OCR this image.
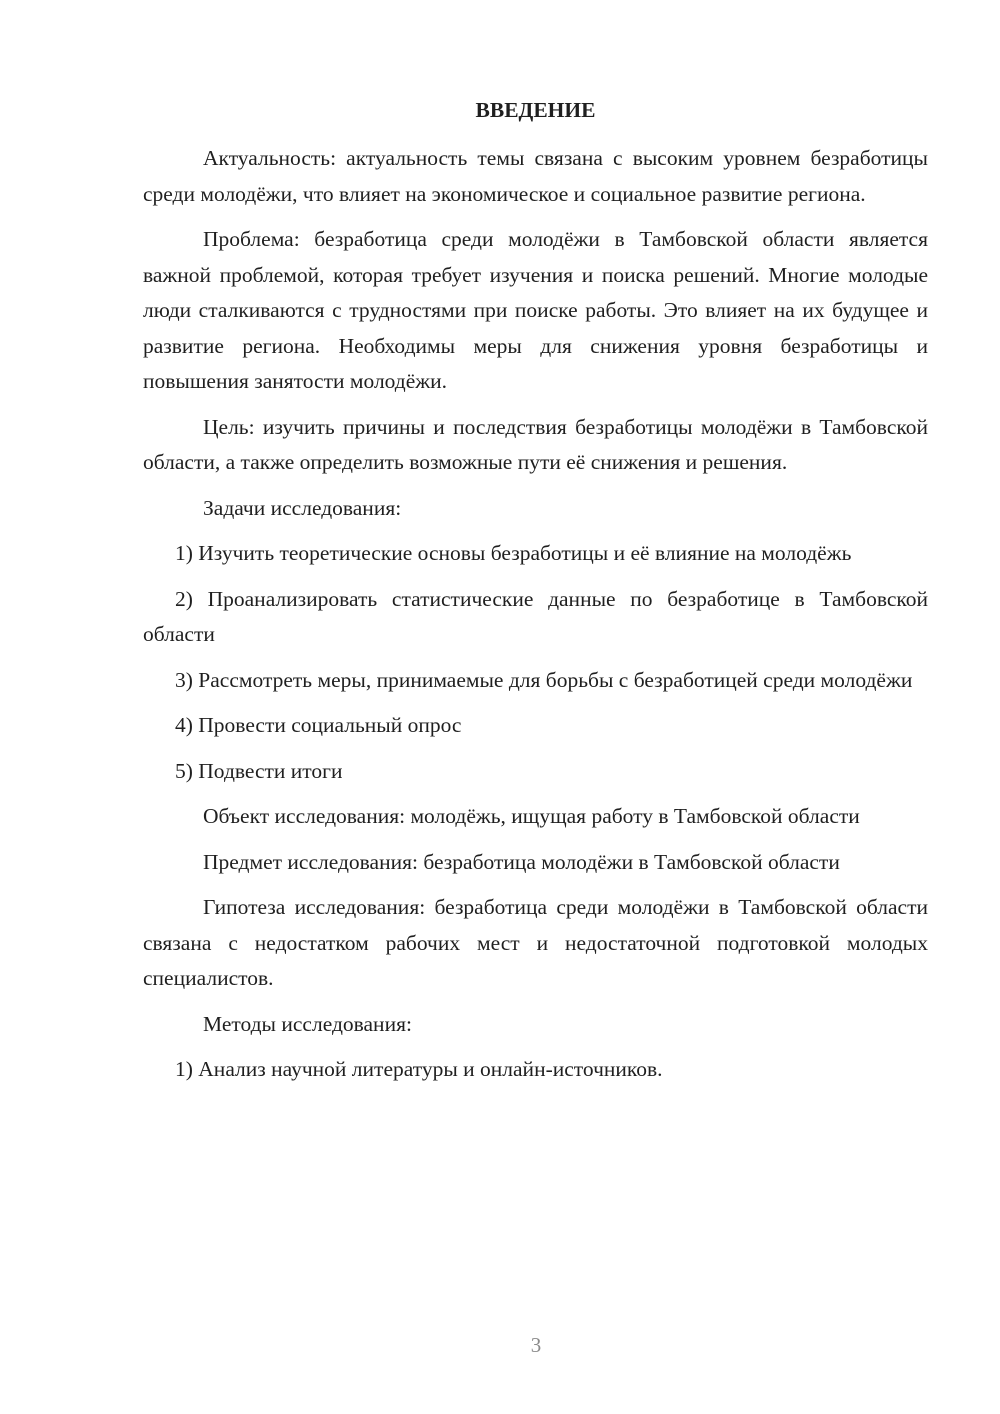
ВВЕДЕНИЕ

Актуальность: актуальность темы связана с высоким уровнем безработицы среди молодёжи, что влияет на экономическое и социальное развитие региона.

Проблема: безработица среди молодёжи в Тамбовской области является важной проблемой, которая требует изучения и поиска решений. Многие молодые люди сталкиваются с трудностями при поиске работы. Это влияет на их будущее и развитие региона. Необходимы меры для снижения уровня безработицы и повышения занятости молодёжи.

Цель: изучить причины и последствия безработицы молодёжи в Тамбовской области, а также определить возможные пути её снижения и решения.

Задачи исследования:

1) Изучить теоретические основы безработицы и её влияние на молодёжь

2) Проанализировать статистические данные по безработице в Тамбовской области

3) Рассмотреть меры, принимаемые для борьбы с безработицей среди молодёжи

4) Провести социальный опрос

5) Подвести итоги

Объект исследования: молодёжь, ищущая работу в Тамбовской области

Предмет исследования: безработица молодёжи в Тамбовской области

Гипотеза исследования: безработица среди молодёжи в Тамбовской области связана с недостатком рабочих мест и недостаточной подготовкой молодых специалистов.

Методы исследования:

1) Анализ научной литературы и онлайн-источников.

3
